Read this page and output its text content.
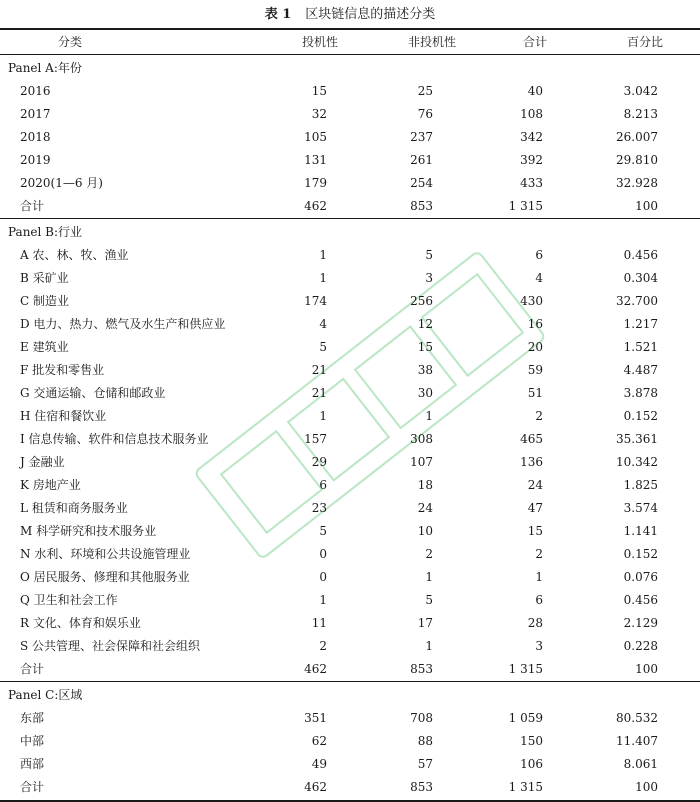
表 1 区块链信息的描述分类
分类	投机性	非投机性	合计	百分比
Panel A:年份
2016	15	25	40	3.042
2017	32	76	108	8.213
2018	105	237	342	26.007
2019	131	261	392	29.810
2020(1—6 月)	179	254	433	32.928
合计	462	853	1 315	100
Panel B:行业
A 农、林、牧、渔业	1	5	6	0.456
B 采矿业	1	3	4	0.304
C 制造业	174	256	430	32.700
D 电力、热力、燃气及水生产和供应业	4	12	16	1.217
E 建筑业	5	15	20	1.521
F 批发和零售业	21	38	59	4.487
G 交通运输、仓储和邮政业	21	30	51	3.878
H 住宿和餐饮业	1	1	2	0.152
I 信息传输、软件和信息技术服务业	157	308	465	35.361
J 金融业	29	107	136	10.342
K 房地产业	6	18	24	1.825
L 租赁和商务服务业	23	24	47	3.574
M 科学研究和技术服务业	5	10	15	1.141
N 水利、环境和公共设施管理业	0	2	2	0.152
O 居民服务、修理和其他服务业	0	1	1	0.076
Q 卫生和社会工作	1	5	6	0.456
R 文化、体育和娱乐业	11	17	28	2.129
S 公共管理、社会保障和社会组织	2	1	3	0.228
合计	462	853	1 315	100
Panel C:区域
东部	351	708	1 059	80.532
中部	62	88	150	11.407
西部	49	57	106	8.061
合计	462	853	1 315	100
